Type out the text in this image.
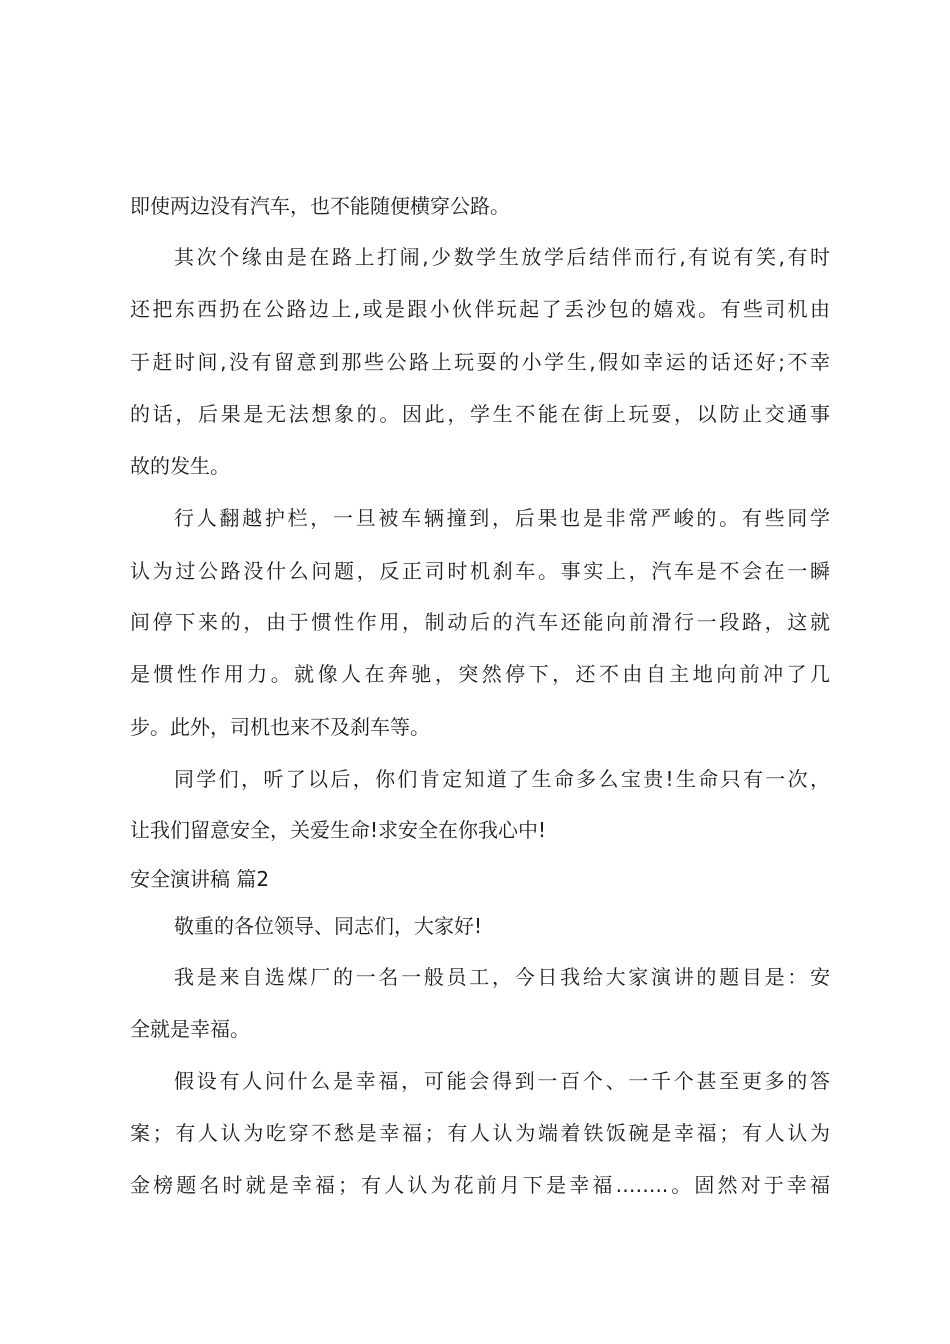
即使两边没有汽车，也不能随便横穿公路。
其次个缘由是在路上打闹,少数学生放学后结伴而行,有说有笑,有时
还把东西扔在公路边上,或是跟小伙伴玩起了丢沙包的嬉戏。有些司机由
于赶时间,没有留意到那些公路上玩耍的小学生,假如幸运的话还好;不幸
的话，后果是无法想象的。因此，学生不能在街上玩耍，以防止交通事
故的发生。
行人翻越护栏，一旦被车辆撞到，后果也是非常严峻的。有些同学
认为过公路没什么问题，反正司时机刹车。事实上，汽车是不会在一瞬
间停下来的，由于惯性作用，制动后的汽车还能向前滑行一段路，这就
是惯性作用力。就像人在奔驰，突然停下，还不由自主地向前冲了几
步。此外，司机也来不及刹车等。
同学们，听了以后，你们肯定知道了生命多么宝贵!生命只有一次，
让我们留意安全，关爱生命!求安全在你我心中!
安全演讲稿 篇2
敬重的各位领导、同志们，大家好!
我是来自选煤厂的一名一般员工，今日我给大家演讲的题目是：安
全就是幸福。
假设有人问什么是幸福，可能会得到一百个、一千个甚至更多的答
案；有人认为吃穿不愁是幸福；有人认为端着铁饭碗是幸福；有人认为
金榜题名时就是幸福；有人认为花前月下是幸福……..。固然对于幸福
